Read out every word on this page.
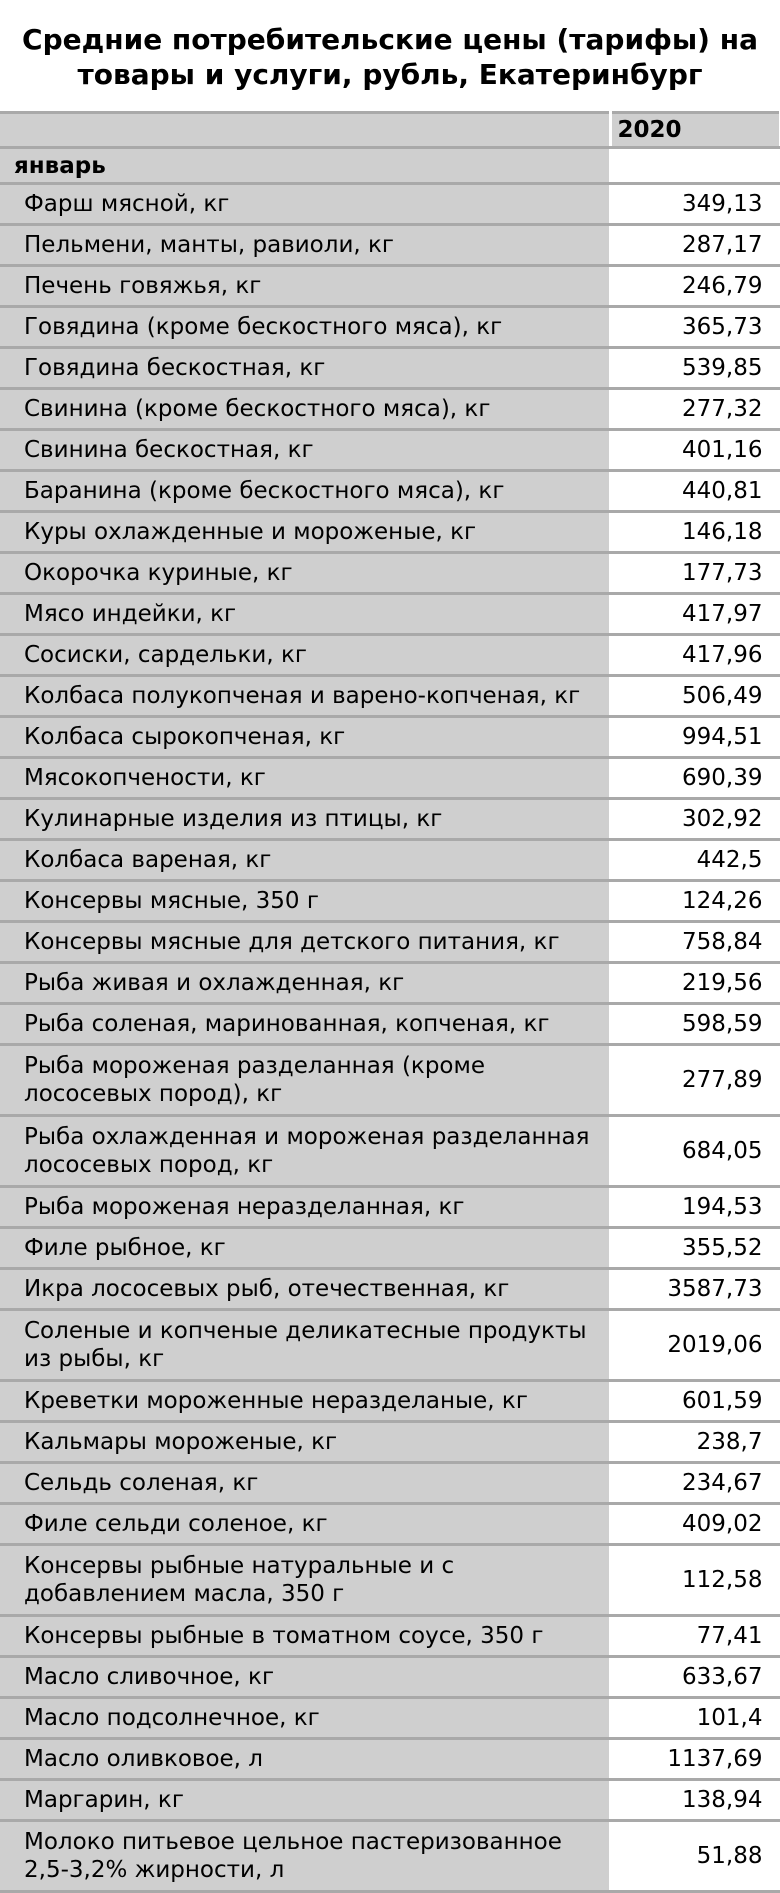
Средние потребительские цены (тарифы) на товары и услуги, рубль, Екатеринбург
	2020
январь	
Фарш мясной, кг	349,13
Пельмени, манты, равиоли, кг	287,17
Печень говяжья, кг	246,79
Говядина (кроме бескостного мяса), кг	365,73
Говядина бескостная, кг	539,85
Свинина (кроме бескостного мяса), кг	277,32
Свинина бескостная, кг	401,16
Баранина (кроме бескостного мяса), кг	440,81
Куры охлажденные и мороженые, кг	146,18
Окорочка куриные, кг	177,73
Мясо индейки, кг	417,97
Сосиски, сардельки, кг	417,96
Колбаса полукопченая и варено-копченая, кг	506,49
Колбаса сырокопченая, кг	994,51
Мясокопчености, кг	690,39
Кулинарные изделия из птицы, кг	302,92
Колбаса вареная, кг	442,5
Консервы мясные, 350 г	124,26
Консервы мясные для детского питания, кг	758,84
Рыба живая и охлажденная, кг	219,56
Рыба соленая, маринованная, копченая, кг	598,59
Рыба мороженая разделанная (кроме лососевых пород), кг	277,89
Рыба охлажденная и мороженая разделанная лососевых пород, кг	684,05
Рыба мороженая неразделанная, кг	194,53
Филе рыбное, кг	355,52
Икра лососевых рыб, отечественная, кг	3587,73
Соленые и копченые деликатесные продукты из рыбы, кг	2019,06
Креветки мороженные неразделаные, кг	601,59
Кальмары мороженые, кг	238,7
Сельдь соленая, кг	234,67
Филе сельди соленое, кг	409,02
Консервы рыбные натуральные и с добавлением масла, 350 г	112,58
Консервы рыбные в томатном соусе, 350 г	77,41
Масло сливочное, кг	633,67
Масло подсолнечное, кг	101,4
Масло оливковое, л	1137,69
Маргарин, кг	138,94
Молоко питьевое цельное пастеризованное 2,5-3,2% жирности, л	51,88
